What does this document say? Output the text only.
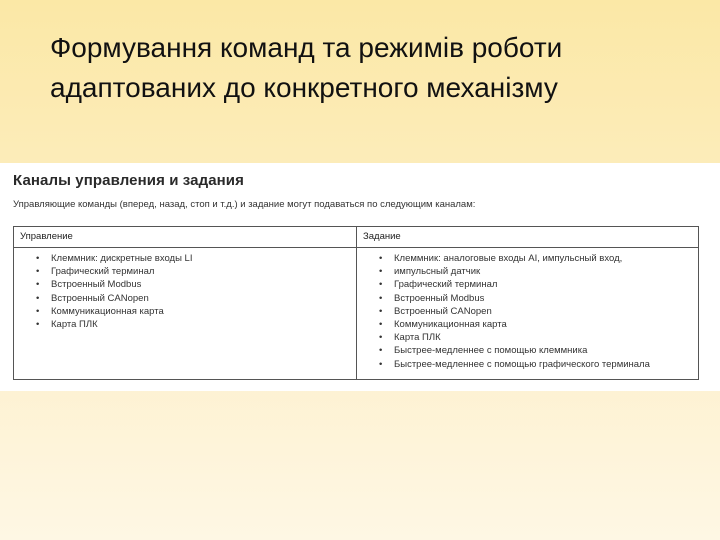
Формування команд та режимів роботи
адаптованих до конкретного механізму
Каналы управления и задания
Управляющие команды (вперед, назад, стоп и т.д.) и задание могут подаваться по следующим каналам:
Управление	Задание
• Клеммник: дискретные входы LI
• Графический терминал
• Встроенный Modbus
• Встроенный CANopen
• Коммуникационная карта
• Карта ПЛК
• Клеммник: аналоговые входы AI, импульсный вход,
• импульсный датчик
• Графический терминал
• Встроенный Modbus
• Встроенный CANopen
• Коммуникационная карта
• Карта ПЛК
• Быстрее-медленнее с помощью клеммника
• Быстрее-медленнее с помощью графического терминала
